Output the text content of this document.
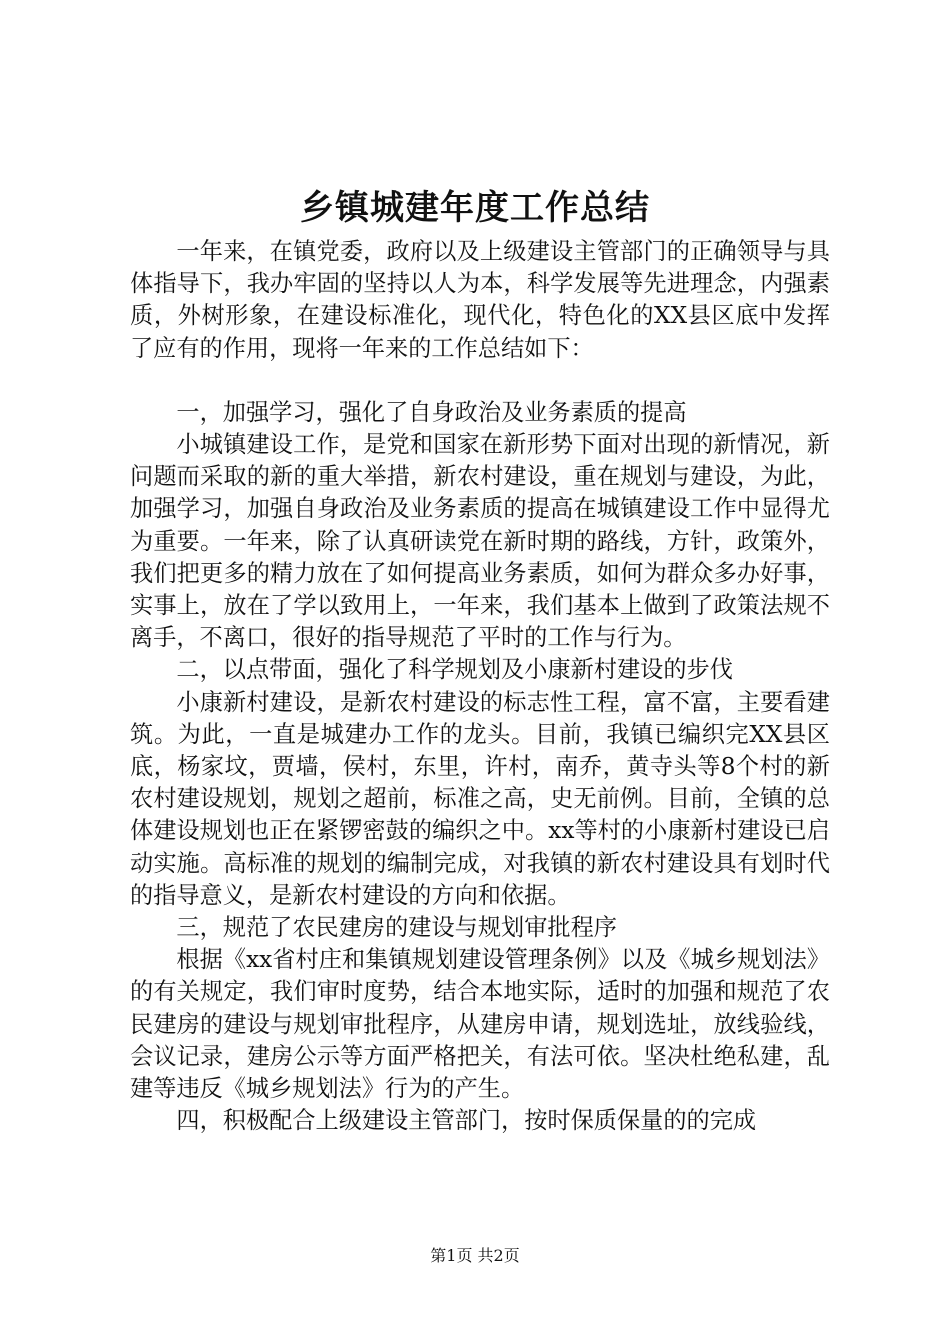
乡镇城建年度工作总结

一年来，在镇党委，政府以及上级建设主管部门的正确领导与具体指导下，我办牢固的坚持以人为本，科学发展等先进理念，内强素质，外树形象，在建设标准化，现代化，特色化的XX县区底中发挥了应有的作用，现将一年来的工作总结如下：

一，加强学习，强化了自身政治及业务素质的提高

小城镇建设工作，是党和国家在新形势下面对出现的新情况，新问题而采取的新的重大举措，新农村建设，重在规划与建设，为此，加强学习，加强自身政治及业务素质的提高在城镇建设工作中显得尤为重要。一年来，除了认真研读党在新时期的路线，方针，政策外，我们把更多的精力放在了如何提高业务素质，如何为群众多办好事，实事上，放在了学以致用上，一年来，我们基本上做到了政策法规不离手，不离口，很好的指导规范了平时的工作与行为。

二，以点带面，强化了科学规划及小康新村建设的步伐

小康新村建设，是新农村建设的标志性工程，富不富，主要看建筑。为此，一直是城建办工作的龙头。目前，我镇已编织完XX县区底，杨家坟，贾墙，侯村，东里，许村，南乔，黄寺头等8个村的新农村建设规划，规划之超前，标准之高，史无前例。目前，全镇的总体建设规划也正在紧锣密鼓的编织之中。xx等村的小康新村建设已启动实施。高标准的规划的编制完成，对我镇的新农村建设具有划时代的指导意义，是新农村建设的方向和依据。

三，规范了农民建房的建设与规划审批程序

根据《xx省村庄和集镇规划建设管理条例》以及《城乡规划法》的有关规定，我们审时度势，结合本地实际，适时的加强和规范了农民建房的建设与规划审批程序，从建房申请，规划选址，放线验线，会议记录，建房公示等方面严格把关，有法可依。坚决杜绝私建，乱建等违反《城乡规划法》行为的产生。

四，积极配合上级建设主管部门，按时保质保量的的完成

第1页 共2页
